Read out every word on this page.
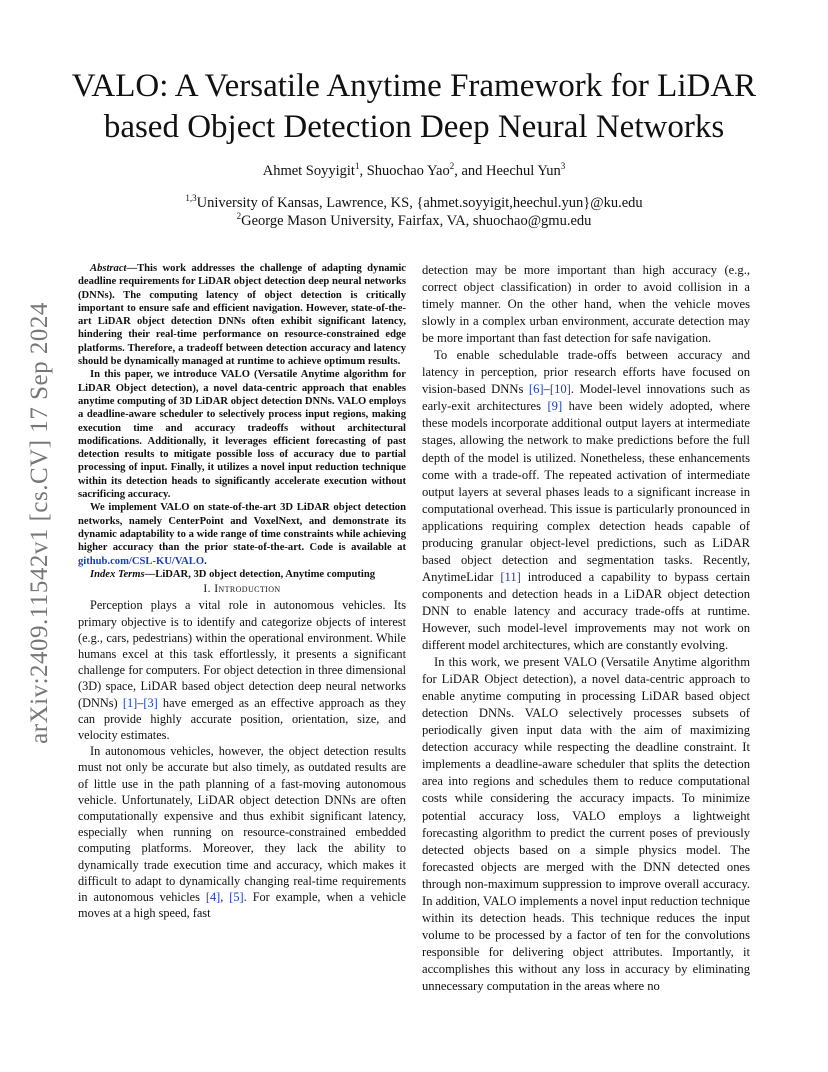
arXiv:2409.11542v1 [cs.CV] 17 Sep 2024
VALO: A Versatile Anytime Framework for LiDAR based Object Detection Deep Neural Networks
Ahmet Soyyigit$^1$, Shuochao Yao$^2$, and Heechul Yun$^3$
$^{1,3}$University of Kansas, Lawrence, KS, {ahmet.soyyigit,heechul.yun}@ku.edu
$^2$George Mason University, Fairfax, VA, shuochao@gmu.edu

Abstract—This work addresses the challenge of adapting dynamic deadline requirements for LiDAR object detection deep neural networks (DNNs). The computing latency of object detection is critically important to ensure safe and efficient navigation. However, state-of-the-art LiDAR object detection DNNs often exhibit significant latency, hindering their real-time performance on resource-constrained edge platforms. Therefore, a tradeoff between detection accuracy and latency should be dynamically managed at runtime to achieve optimum results.

In this paper, we introduce VALO (Versatile Anytime algorithm for LiDAR Object detection), a novel data-centric approach that enables anytime computing of 3D LiDAR object detection DNNs. VALO employs a deadline-aware scheduler to selectively process input regions, making execution time and accuracy tradeoffs without architectural modifications. Additionally, it leverages efficient forecasting of past detection results to mitigate possible loss of accuracy due to partial processing of input. Finally, it utilizes a novel input reduction technique within its detection heads to significantly accelerate execution without sacrificing accuracy.

We implement VALO on state-of-the-art 3D LiDAR object detection networks, namely CenterPoint and VoxelNext, and demonstrate its dynamic adaptability to a wide range of time constraints while achieving higher accuracy than the prior state-of-the-art. Code is available at github.com/CSL-KU/VALO.

Index Terms—LiDAR, 3D object detection, Anytime computing

I. Introduction

Perception plays a vital role in autonomous vehicles. Its primary objective is to identify and categorize objects of interest (e.g., cars, pedestrians) within the operational environment. While humans excel at this task effortlessly, it presents a significant challenge for computers. For object detection in three dimensional (3D) space, LiDAR based object detection deep neural networks (DNNs) [1]–[3] have emerged as an effective approach as they can provide highly accurate position, orientation, size, and velocity estimates.

In autonomous vehicles, however, the object detection results must not only be accurate but also timely, as outdated results are of little use in the path planning of a fast-moving autonomous vehicle. Unfortunately, LiDAR object detection DNNs are often computationally expensive and thus exhibit significant latency, especially when running on resource-constrained embedded computing platforms. Moreover, they lack the ability to dynamically trade execution time and accuracy, which makes it difficult to adapt to dynamically changing real-time requirements in autonomous vehicles [4], [5]. For example, when a vehicle moves at a high speed, fast

detection may be more important than high accuracy (e.g., correct object classification) in order to avoid collision in a timely manner. On the other hand, when the vehicle moves slowly in a complex urban environment, accurate detection may be more important than fast detection for safe navigation.

To enable schedulable trade-offs between accuracy and latency in perception, prior research efforts have focused on vision-based DNNs [6]–[10]. Model-level innovations such as early-exit architectures [9] have been widely adopted, where these models incorporate additional output layers at intermediate stages, allowing the network to make predictions before the full depth of the model is utilized. Nonetheless, these enhancements come with a trade-off. The repeated activation of intermediate output layers at several phases leads to a significant increase in computational overhead. This issue is particularly pronounced in applications requiring complex detection heads capable of producing granular object-level predictions, such as LiDAR based object detection and segmentation tasks. Recently, AnytimeLidar [11] introduced a capability to bypass certain components and detection heads in a LiDAR object detection DNN to enable latency and accuracy trade-offs at runtime. However, such model-level improvements may not work on different model architectures, which are constantly evolving.

In this work, we present VALO (Versatile Anytime algorithm for LiDAR Object detection), a novel data-centric approach to enable anytime computing in processing LiDAR based object detection DNNs. VALO selectively processes subsets of periodically given input data with the aim of maximizing detection accuracy while respecting the deadline constraint. It implements a deadline-aware scheduler that splits the detection area into regions and schedules them to reduce computational costs while considering the accuracy impacts. To minimize potential accuracy loss, VALO employs a lightweight forecasting algorithm to predict the current poses of previously detected objects based on a simple physics model. The forecasted objects are merged with the DNN detected ones through non-maximum suppression to improve overall accuracy. In addition, VALO implements a novel input reduction technique within its detection heads. This technique reduces the input volume to be processed by a factor of ten for the convolutions responsible for delivering object attributes. Importantly, it accomplishes this without any loss in accuracy by eliminating unnecessary computation in the areas where no
